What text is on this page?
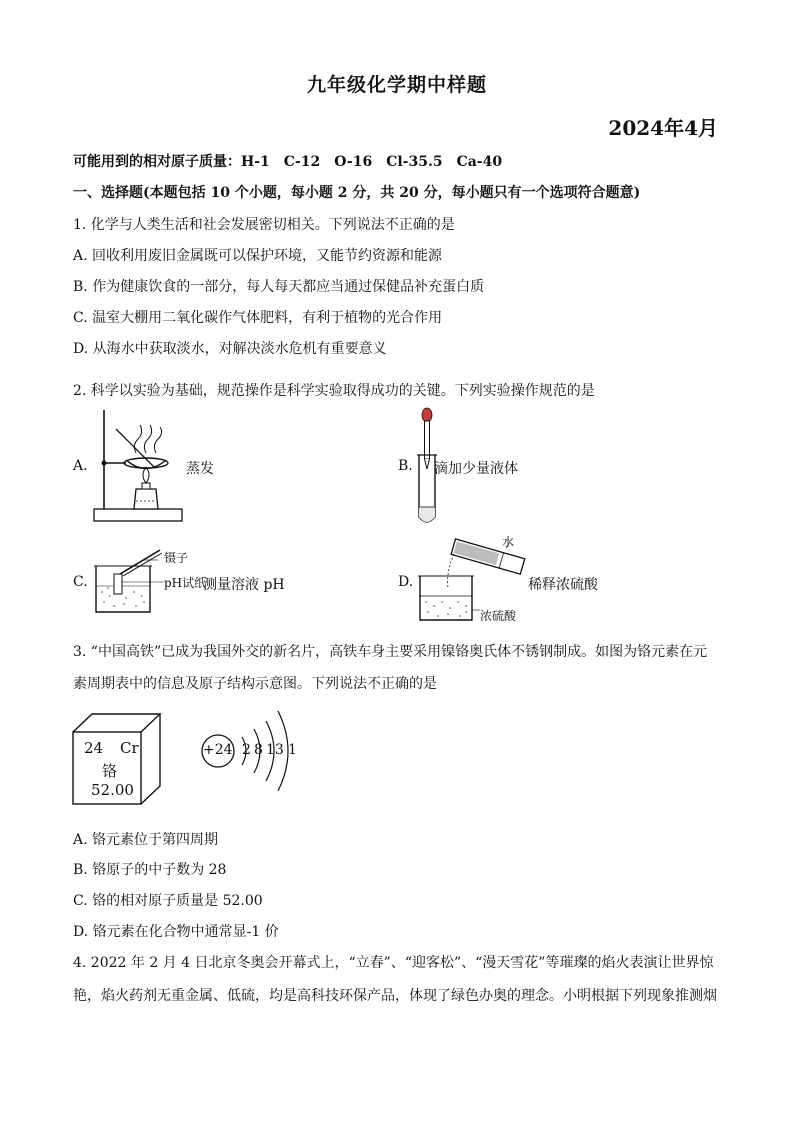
九年级化学期中样题
2024年4月
可能用到的相对原子质量：H-1　C-12　O-16　Cl-35.5　Ca-40
一、选择题(本题包括 10 个小题，每小题 2 分，共 20 分，每小题只有一个选项符合题意)
1. 化学与人类生活和社会发展密切相关。下列说法不正确的是
A. 回收利用废旧金属既可以保护环境，又能节约资源和能源
B. 作为健康饮食的一部分，每人每天都应当通过保健品补充蛋白质
C. 温室大棚用二氧化碳作气体肥料，有利于植物的光合作用
D. 从海水中获取淡水，对解决淡水危机有重要意义
2. 科学以实验为基础，规范操作是科学实验取得成功的关键。下列实验操作规范的是
A.	蒸发	B. 滴加少量液体
C.
镊子
pH试纸
测量溶液 pH	D.
水
浓硫酸
稀释浓硫酸
3. “中国高铁”已成为我国外交的新名片，高铁车身主要采用镍铬奥氏体不锈钢制成。如图为铬元素在元
素周期表中的信息及原子结构示意图。下列说法不正确的是
24 Cr
铬
52.00
+24 2 8 13 1
A. 铬元素位于第四周期
B. 铬原子的中子数为 28
C. 铬的相对原子质量是 52.00
D. 铬元素在化合物中通常显-1 价
4. 2022 年 2 月 4 日北京冬奥会开幕式上，“立春”、“迎客松”、“漫天雪花”等璀璨的焰火表演让世界惊
艳，焰火药剂无重金属、低硫，均是高科技环保产品，体现了绿色办奥的理念。小明根据下列现象推测烟
